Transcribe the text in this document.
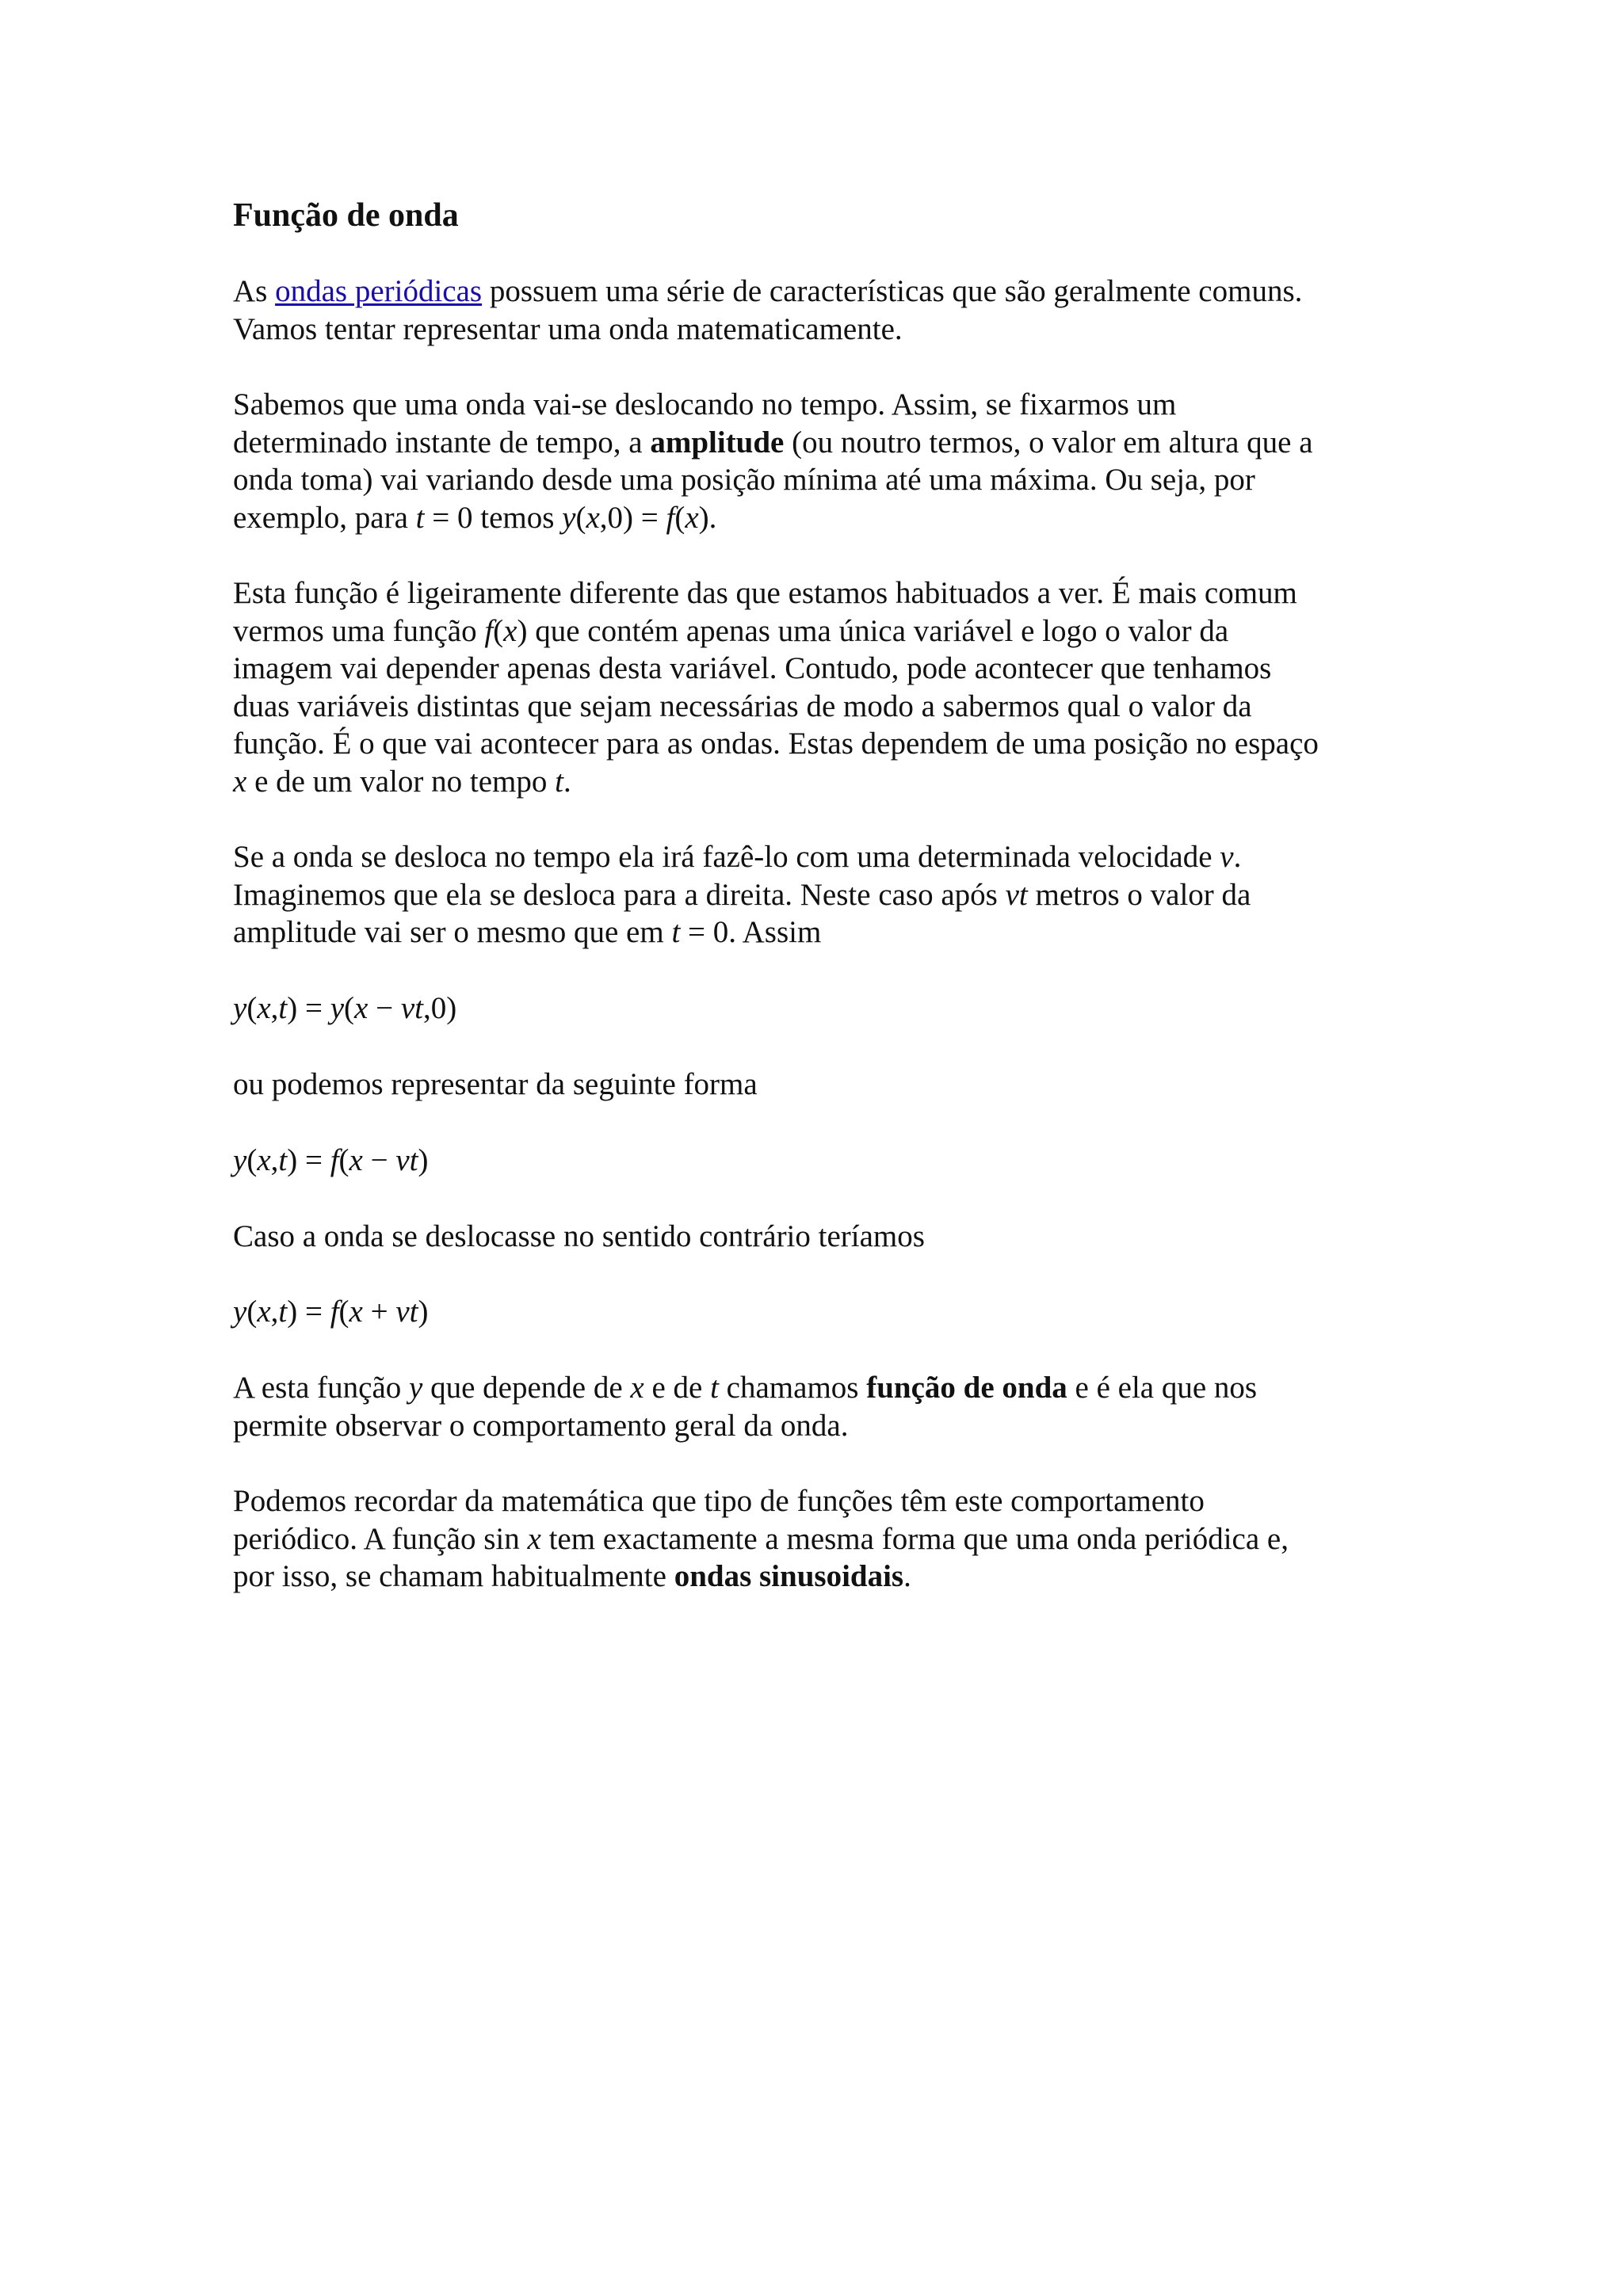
Função de onda

As ondas periódicas possuem uma série de características que são geralmente comuns.
Vamos tentar representar uma onda matematicamente.

Sabemos que uma onda vai-se deslocando no tempo. Assim, se fixarmos um
determinado instante de tempo, a amplitude (ou noutro termos, o valor em altura que a
onda toma) vai variando desde uma posição mínima até uma máxima. Ou seja, por
exemplo, para t = 0 temos y(x,0) = f(x).

Esta função é ligeiramente diferente das que estamos habituados a ver. É mais comum
vermos uma função f(x) que contém apenas uma única variável e logo o valor da
imagem vai depender apenas desta variável. Contudo, pode acontecer que tenhamos
duas variáveis distintas que sejam necessárias de modo a sabermos qual o valor da
função. É o que vai acontecer para as ondas. Estas dependem de uma posição no espaço
x e de um valor no tempo t.

Se a onda se desloca no tempo ela irá fazê-lo com uma determinada velocidade v.
Imaginemos que ela se desloca para a direita. Neste caso após vt metros o valor da
amplitude vai ser o mesmo que em t = 0. Assim

y(x,t) = y(x − vt,0)

ou podemos representar da seguinte forma

y(x,t) = f(x − vt)

Caso a onda se deslocasse no sentido contrário teríamos

y(x,t) = f(x + vt)

A esta função y que depende de x e de t chamamos função de onda e é ela que nos
permite observar o comportamento geral da onda.

Podemos recordar da matemática que tipo de funções têm este comportamento
periódico. A função sin x tem exactamente a mesma forma que uma onda periódica e,
por isso, se chamam habitualmente ondas sinusoidais.
